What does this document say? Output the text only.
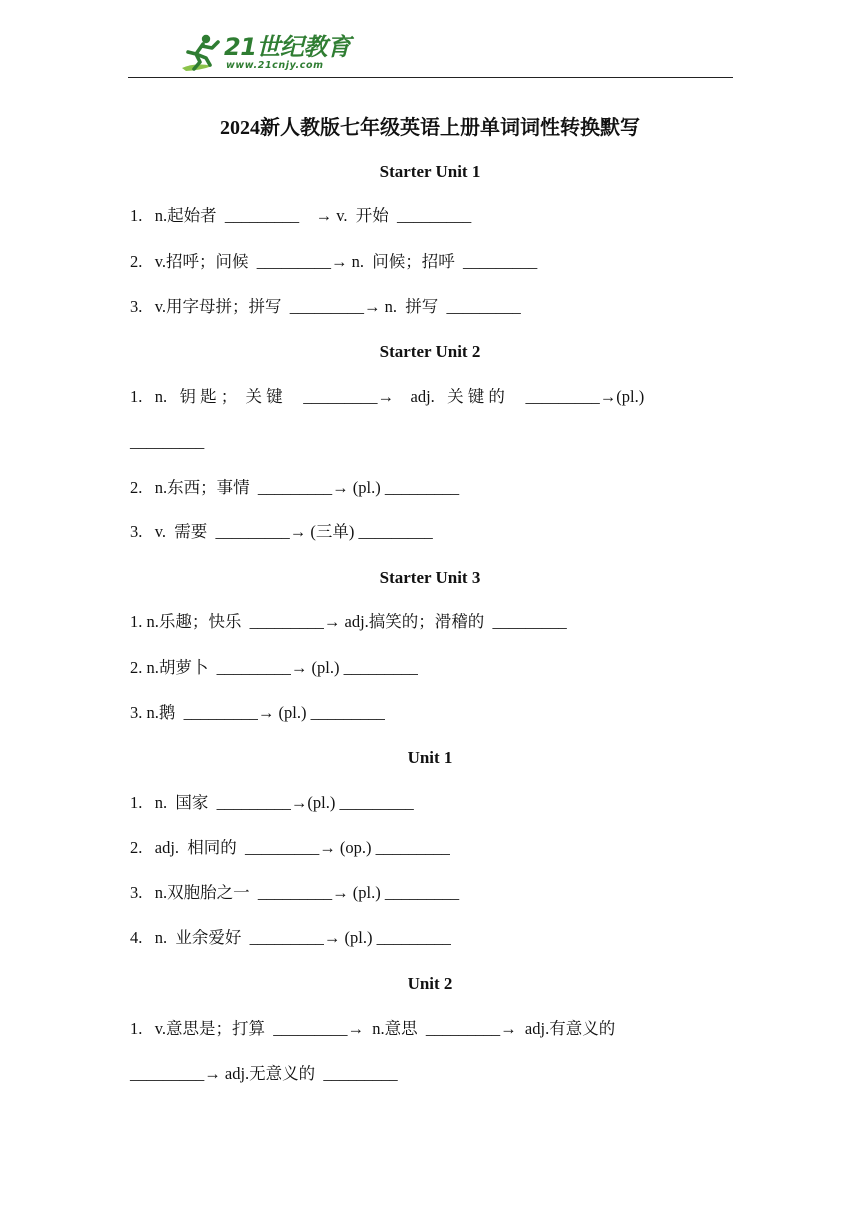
21世纪教育
www.21cnjy.com
2024新人教版七年级英语上册单词词性转换默写
Starter Unit 1
1.   n.起始者  _________    → v.  开始  _________
2.   v.招呼；问候  _________→ n.  问候；招呼  _________
3.   v.用字母拼；拼写  _________→ n.  拼写  _________
Starter Unit 2
1.   n.   钥 匙 ；  关 键     _________→    adj.   关 键 的     _________→(pl.)
_________
2.   n.东西；事情  _________→ (pl.) _________
3.   v.  需要  _________→ (三单) _________
Starter Unit 3
1. n.乐趣；快乐  _________→ adj.搞笑的；滑稽的  _________
2. n.胡萝卜  _________→ (pl.) _________
3. n.鹅  _________→ (pl.) _________
Unit 1
1.   n.  国家  _________→(pl.) _________
2.   adj.  相同的  _________→ (op.) _________
3.   n.双胞胎之一  _________→ (pl.) _________
4.   n.  业余爱好  _________→ (pl.) _________
Unit 2
1.   v.意思是；打算  _________→  n.意思  _________→  adj.有意义的
_________→ adj.无意义的  _________
